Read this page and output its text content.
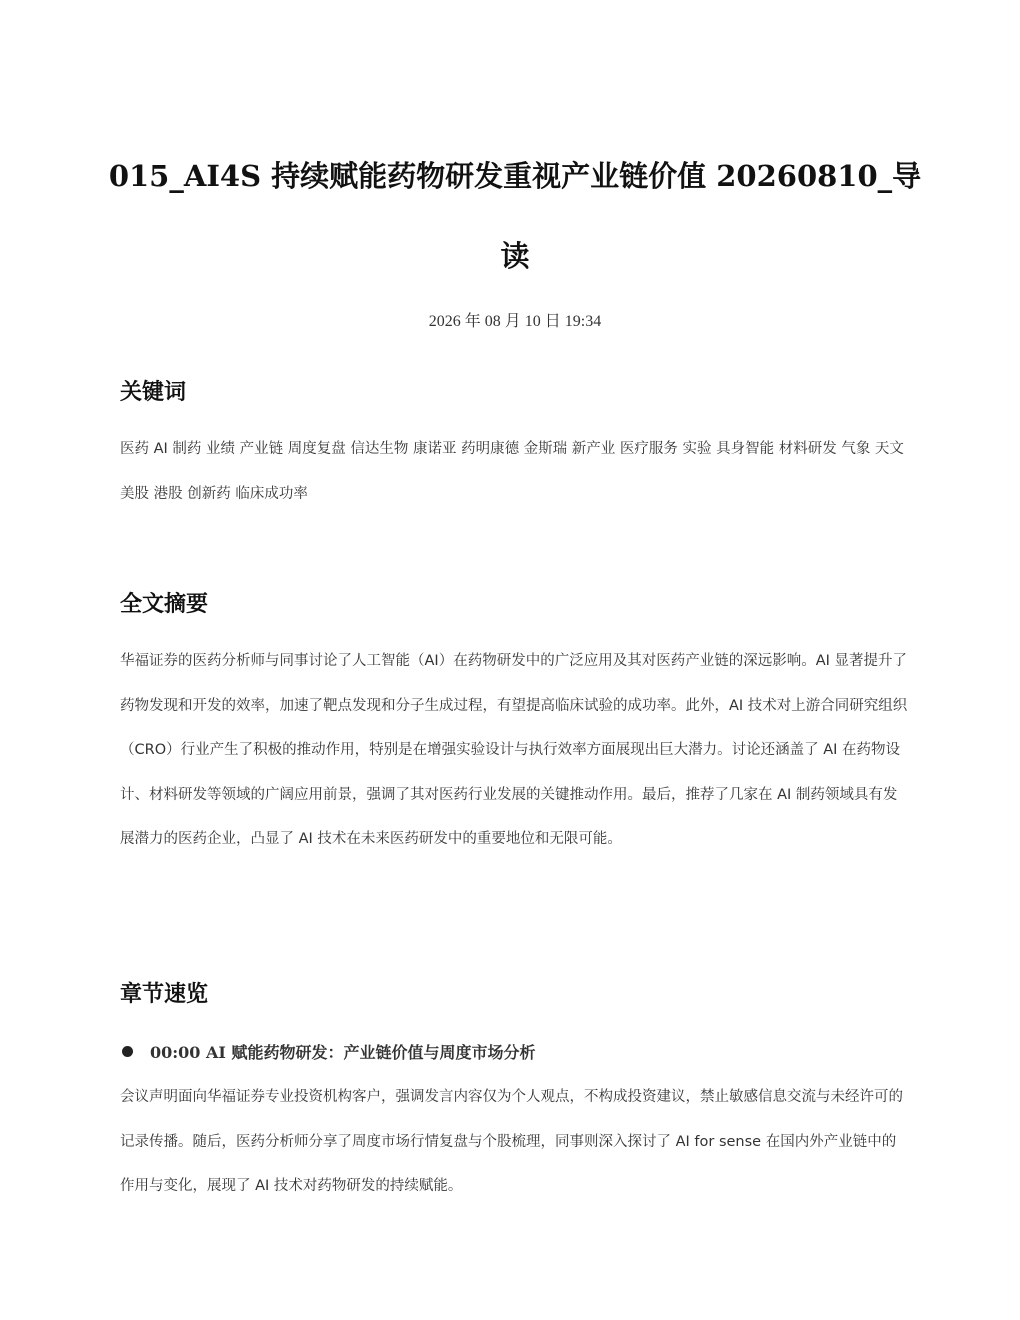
015_AI4S 持续赋能药物研发重视产业链价值 20260810_导读
2026 年 08 月 10 日 19:34
关键词

医药 AI 制药 业绩 产业链 周度复盘 信达生物 康诺亚 药明康德 金斯瑞 新产业 医疗服务 实验 具身智能 材料研发 气象 天文 美股 港股 创新药 临床成功率

全文摘要

华福证券的医药分析师与同事讨论了人工智能（AI）在药物研发中的广泛应用及其对医药产业链的深远影响。AI 显著提升了药物发现和开发的效率，加速了靶点发现和分子生成过程，有望提高临床试验的成功率。此外，AI 技术对上游合同研究组织（CRO）行业产生了积极的推动作用，特别是在增强实验设计与执行效率方面展现出巨大潜力。讨论还涵盖了 AI 在药物设计、材料研发等领域的广阔应用前景，强调了其对医药行业发展的关键推动作用。最后，推荐了几家在 AI 制药领域具有发展潜力的医药企业，凸显了 AI 技术在未来医药研发中的重要地位和无限可能。

章节速览
00:00 AI 赋能药物研发：产业链价值与周度市场分析

会议声明面向华福证券专业投资机构客户，强调发言内容仅为个人观点，不构成投资建议，禁止敏感信息交流与未经许可的记录传播。随后，医药分析师分享了周度市场行情复盘与个股梳理，同事则深入探讨了 AI for sense 在国内外产业链中的作用与变化，展现了 AI 技术对药物研发的持续赋能。
